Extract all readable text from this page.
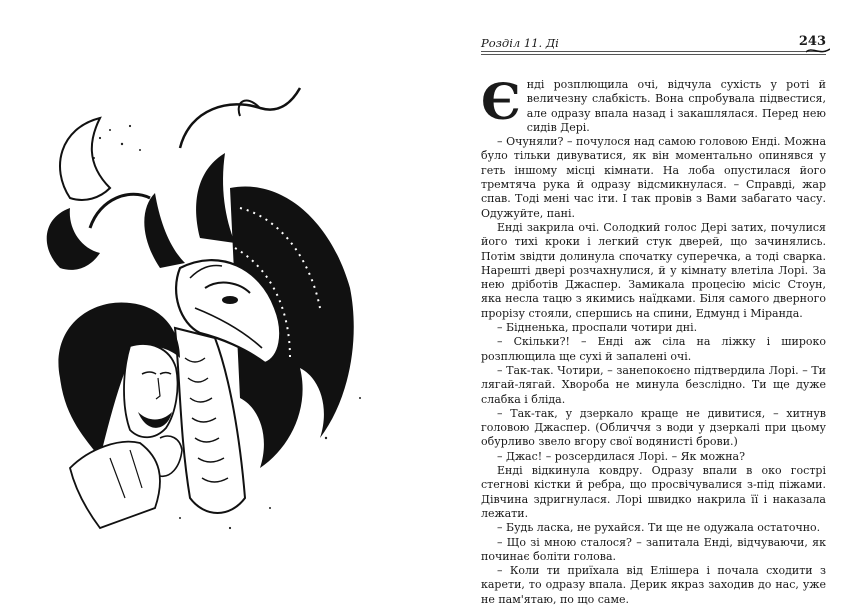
Розділ 11. Ді	243

Єнді розплющила очі, відчула сухість у роті й величезну слабкість. Вона спробувала підвестися, але одразу впала назад і закашлялася. Перед нею сидів Дері.

– Очуняли? – почулося над самою головою Енді. Можна було тільки дивуватися, як він моментально опинявся у геть іншому місці кімнати. На лоба опустилася його тремтяча рука й одразу відсмикнулася. – Справді, жар спав. Тоді мені час іти. І так провів з Вами забагато часу. Одужуйте, пані.

Енді закрила очі. Солодкий голос Дері затих, почулися його тихі кроки і легкий стук дверей, що зачинялись. Потім звідти долинула спочатку суперечка, а тоді сварка. Нарешті двері розчахнулися, й у кімнату влетіла Лорі. За нею дріботів Джаспер. Замикала процесію місіс Стоун, яка несла тацю з якимись наїдками. Біля самого дверного прорізу стояли, спершись на спини, Едмунд і Міранда.

– Бідненька, проспали чотири дні.

– Скільки?! – Енді аж сіла на ліжку і широко розплющила ще сухі й запалені очі.

– Так-так. Чотири, – занепокоєно підтвердила Лорі. – Ти лягай-лягай. Хвороба не минула безслідно. Ти ще дуже слабка і бліда.

– Так-так, у дзеркало краще не дивитися, – хитнув головою Джаспер. (Обличчя з води у дзеркалі при цьому обурливо звело вгору свої водянисті брови.)

– Джас! – розсердилася Лорі. – Як можна?

Енді відкинула ковдру. Одразу впали в око гострі стегнові кістки й ребра, що просвічувалися з-під піжами. Дівчина здригнулася. Лорі швидко накрила її і наказала лежати.

– Будь ласка, не рухайся. Ти ще не одужала остаточно.

– Що зі мною сталося? – запитала Енді, відчуваючи, як починає боліти голова.

– Коли ти приїхала від Елішера і почала сходити з карети, то одразу впала. Дерик якраз заходив до нас, уже не пам'ятаю, по що саме.
